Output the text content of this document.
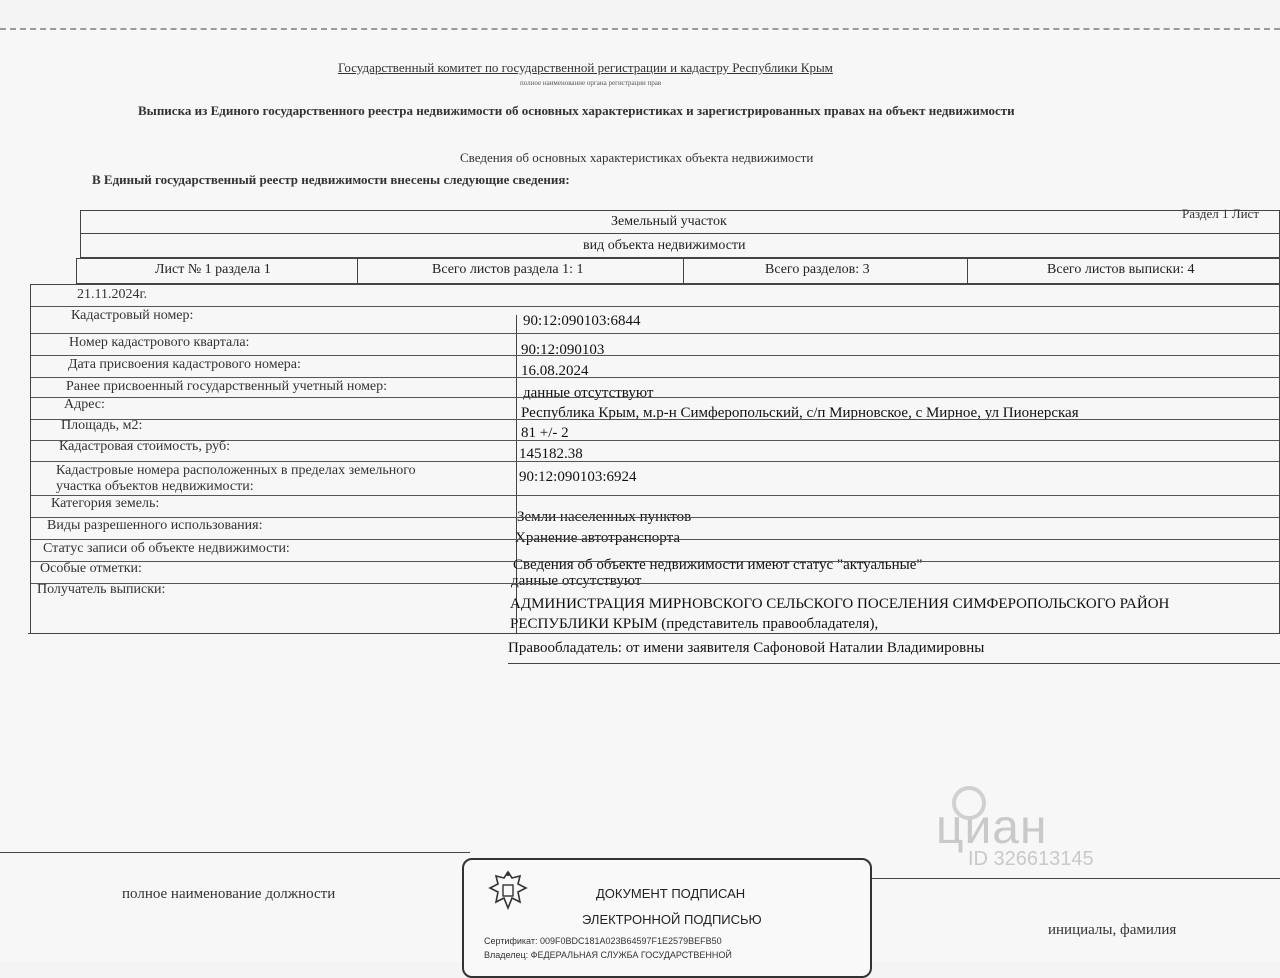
Государственный комитет по государственной регистрации и кадастру Республики Крым
полное наименование органа регистрации прав
Выписка из Единого государственного реестра недвижимости об основных характеристиках и зарегистрированных правах на объект недвижимости
Сведения об основных характеристиках объекта недвижимости
В Единый государственный реестр недвижимости внесены следующие сведения:
Раздел 1 Лист
Земельный участок
вид объекта недвижимости
Лист № 1 раздела 1	Всего листов раздела 1: 1	Всего разделов: 3	Всего листов выписки: 4
21.11.2024г.
Кадастровый номер:	90:12:090103:6844
Номер кадастрового квартала:	90:12:090103
Дата присвоения кадастрового номера:	16.08.2024
Ранее присвоенный государственный учетный номер:	данные отсутствуют
Адрес:
Республика Крым, м.р-н Симферопольский, с/п Мирновское, с Мирное, ул Пионерская
Площадь, м2:	81 +/- 2
Кадастровая стоимость, руб:	145182.38
Кадастровые номера расположенных в пределах земельного
участка объектов недвижимости:
90:12:090103:6924
Категория земель:
Земли населенных пунктов
Виды разрешенного использования:
Хранение автотранспорта
Статус записи об объекте недвижимости:
Сведения об объекте недвижимости имеют статус "актуальные"
Особые отметки:
данные отсутствуют
Получатель выписки:
АДМИНИСТРАЦИЯ МИРНОВСКОГО СЕЛЬСКОГО ПОСЕЛЕНИЯ СИМФЕРОПОЛЬСКОГО РАЙОН
РЕСПУБЛИКИ КРЫМ (представитель правообладателя),
Правообладатель: от имени заявителя Сафоновой Наталии Владимировны
циан
ID 326613145
полное наименование должности
инициалы, фамилия
ДОКУМЕНТ ПОДПИСАН
ЭЛЕКТРОННОЙ ПОДПИСЬЮ
Сертификат: 009F0BDC181A023B64597F1E2579BEFB50
Владелец: ФЕДЕРАЛЬНАЯ СЛУЖБА ГОСУДАРСТВЕННОЙ
